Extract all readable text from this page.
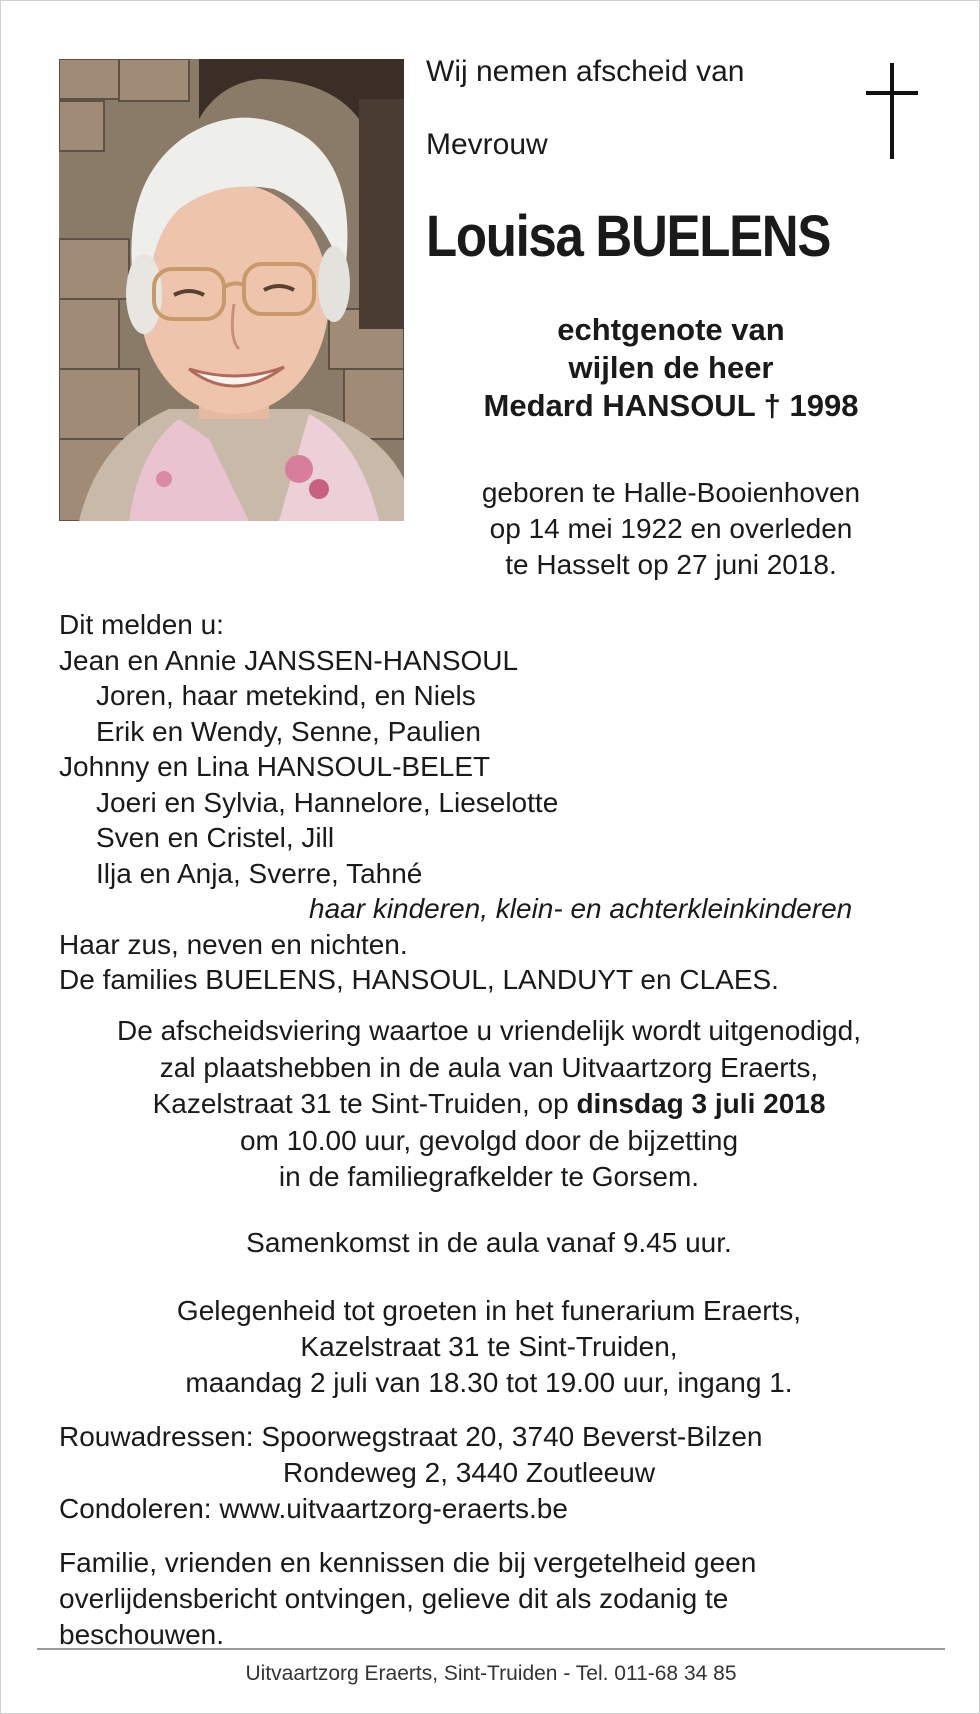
Wij nemen afscheid van
Mevrouw
Louisa BUELENS
echtgenote van
wijlen de heer
Medard HANSOUL † 1998
geboren te Halle-Booienhoven
op 14 mei 1922 en overleden
te Hasselt op 27 juni 2018.
Dit melden u:
Jean en Annie JANSSEN-HANSOUL
Joren, haar metekind, en Niels
Erik en Wendy, Senne, Paulien
Johnny en Lina HANSOUL-BELET
Joeri en Sylvia, Hannelore, Lieselotte
Sven en Cristel, Jill
Ilja en Anja, Sverre, Tahné
haar kinderen, klein- en achterkleinkinderen
Haar zus, neven en nichten.
De families BUELENS, HANSOUL, LANDUYT en CLAES.
De afscheidsviering waartoe u vriendelijk wordt uitgenodigd,
zal plaatshebben in de aula van Uitvaartzorg Eraerts,
Kazelstraat 31 te Sint-Truiden, op dinsdag 3 juli 2018
om 10.00 uur, gevolgd door de bijzetting
in de familiegrafkelder te Gorsem.
Samenkomst in de aula vanaf 9.45 uur.
Gelegenheid tot groeten in het funerarium Eraerts,
Kazelstraat 31 te Sint-Truiden,
maandag 2 juli van 18.30 tot 19.00 uur, ingang 1.
Rouwadressen: Spoorwegstraat 20, 3740 Beverst-Bilzen
Rondeweg 2, 3440 Zoutleeuw
Condoleren: www.uitvaartzorg-eraerts.be
Familie, vrienden en kennissen die bij vergetelheid geen
overlijdensbericht ontvingen, gelieve dit als zodanig te
beschouwen.
Uitvaartzorg Eraerts, Sint-Truiden - Tel. 011-68 34 85
